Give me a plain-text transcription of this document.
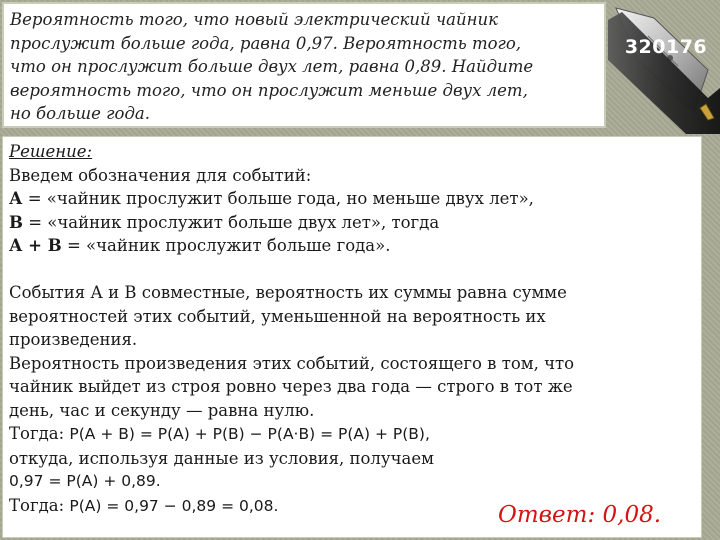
Вероятность того, что новый электрический чайник
прослужит больше года, равна 0,97. Вероятность того,
что он прослужит больше двух лет, равна 0,89. Найдите
вероятность того, что он прослужит меньше двух лет,
но больше года.

320176
Решение:
Введем обозначения для событий:
А = «чайник прослужит больше года, но меньше двух лет»,
В = «чайник прослужит больше двух лет», тогда
А + В = «чайник прослужит больше года».
События А и В совместные, вероятность их суммы равна сумме
вероятностей этих событий, уменьшенной на вероятность их
произведения.
Вероятность произведения этих событий, состоящего в том, что
чайник выйдет из строя ровно через два года — строго в тот же
день, час и секунду — равна нулю.
Тогда: P(A + B) = P(A) + P(B) − P(A·B) = P(A) + P(B),
откуда, используя данные из условия, получаем
0,97 = P(A) + 0,89.
Тогда: P(A) = 0,97 − 0,89 = 0,08.	Ответ: 0,08.
